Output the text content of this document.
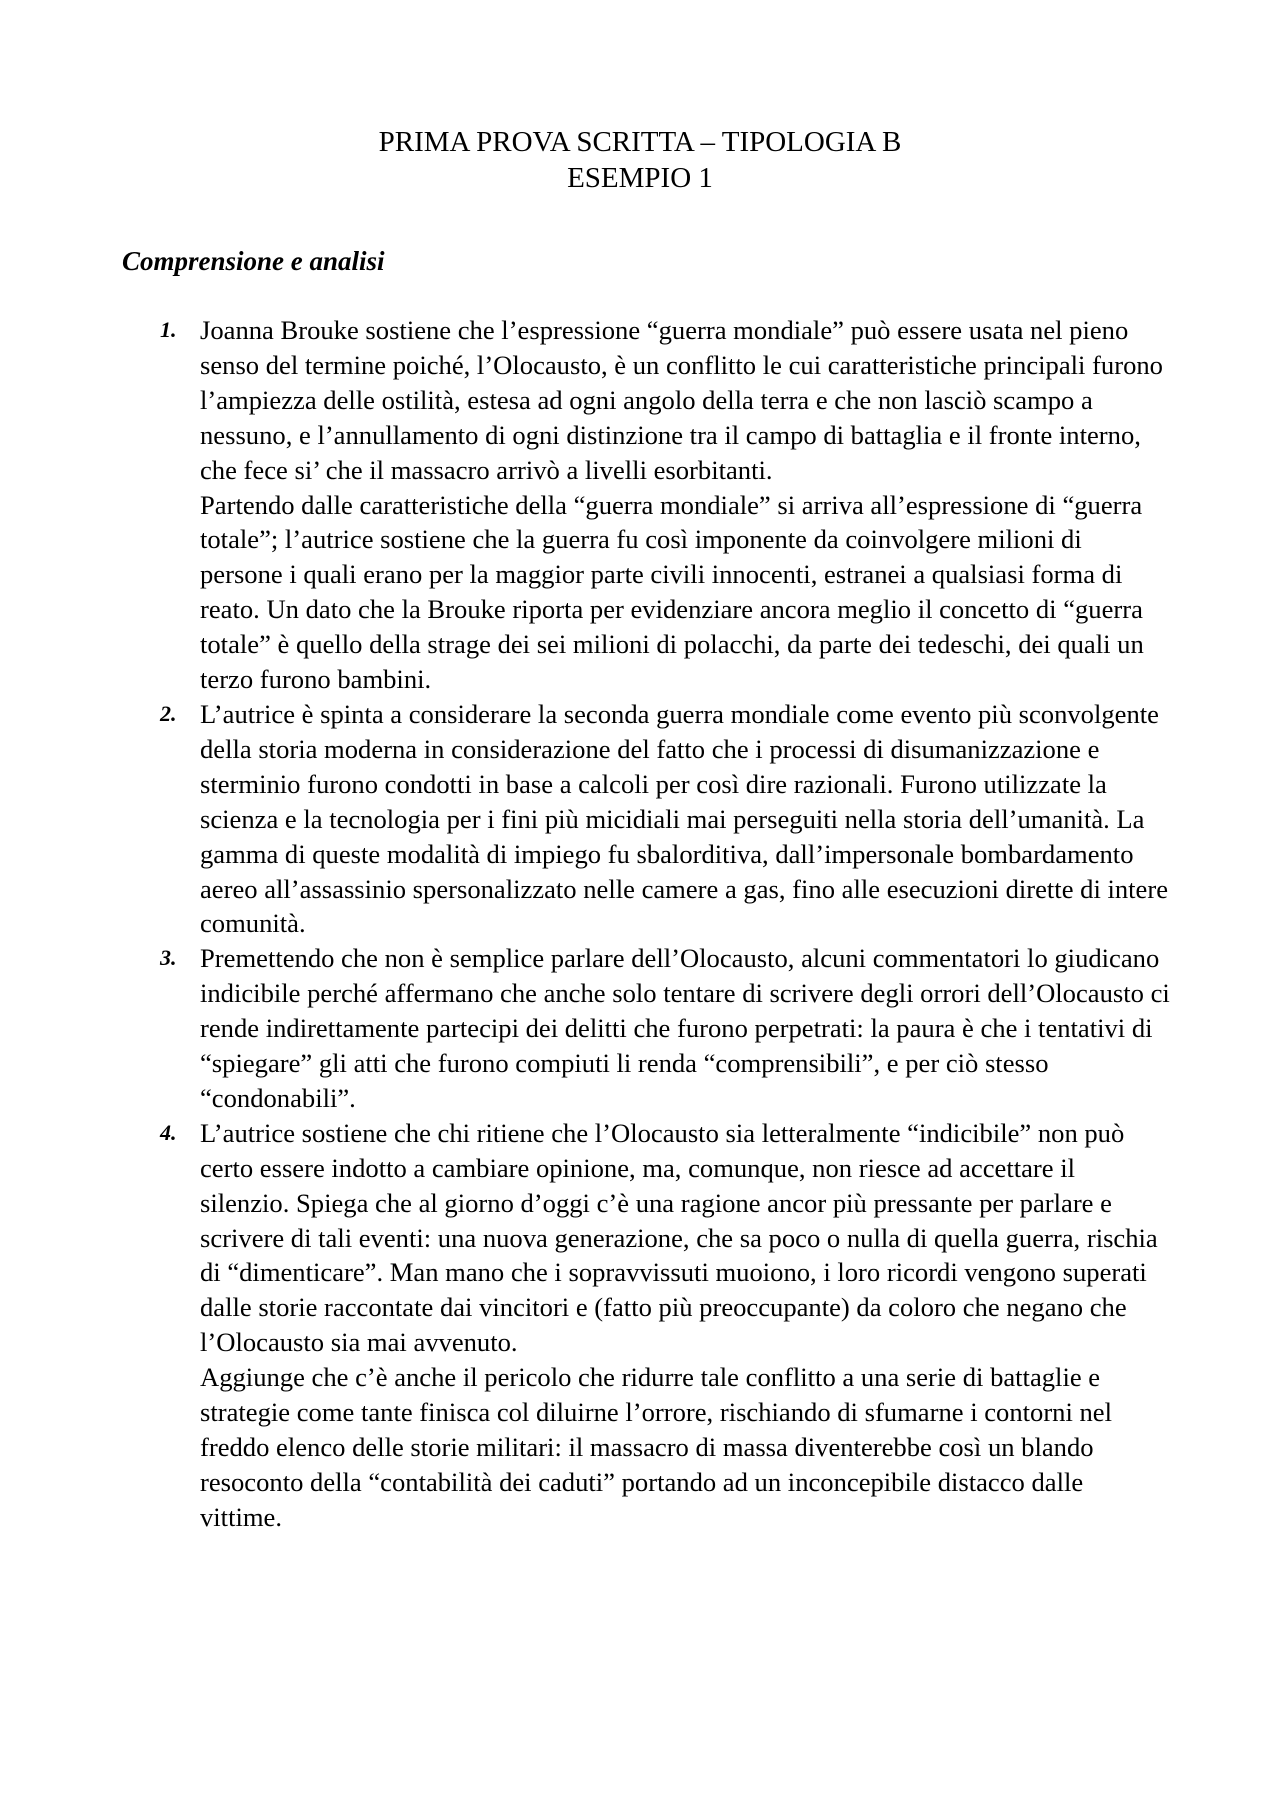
PRIMA PROVA SCRITTA – TIPOLOGIA B
ESEMPIO 1
Comprensione e analisi
1. Joanna Brouke sostiene che l’espressione “guerra mondiale” può essere usata nel pieno senso del termine poiché, l’Olocausto, è un conflitto le cui caratteristiche principali furono l’ampiezza delle ostilità, estesa ad ogni angolo della terra e che non lasciò scampo a nessuno, e l’annullamento di ogni distinzione tra il campo di battaglia e il fronte interno, che fece si’ che il massacro arrivò a livelli esorbitanti.

Partendo dalle caratteristiche della “guerra mondiale” si arriva all’espressione di “guerra totale”; l’autrice sostiene che la guerra fu così imponente da coinvolgere milioni di persone i quali erano per la maggior parte civili innocenti, estranei a qualsiasi forma di reato. Un dato che la Brouke riporta per evidenziare ancora meglio il concetto di “guerra totale” è quello della strage dei sei milioni di polacchi, da parte dei tedeschi, dei quali un terzo furono bambini.

2. L’autrice è spinta a considerare la seconda guerra mondiale come evento più sconvolgente della storia moderna in considerazione del fatto che i processi di disumanizzazione e sterminio furono condotti in base a calcoli per così dire razionali. Furono utilizzate la scienza e la tecnologia per i fini più micidiali mai perseguiti nella storia dell’umanità. La gamma di queste modalità di impiego fu sbalorditiva, dall’impersonale bombardamento aereo all’assassinio spersonalizzato nelle camere a gas, fino alle esecuzioni dirette di intere comunità.

3. Premettendo che non è semplice parlare dell’Olocausto, alcuni commentatori lo giudicano indicibile perché affermano che anche solo tentare di scrivere degli orrori dell’Olocausto ci rende indirettamente partecipi dei delitti che furono perpetrati: la paura è che i tentativi di “spiegare” gli atti che furono compiuti li renda “comprensibili”, e per ciò stesso “condonabili”.

4. L’autrice sostiene che chi ritiene che l’Olocausto sia letteralmente “indicibile” non può certo essere indotto a cambiare opinione, ma, comunque, non riesce ad accettare il silenzio. Spiega che al giorno d’oggi c’è una ragione ancor più pressante per parlare e scrivere di tali eventi: una nuova generazione, che sa poco o nulla di quella guerra, rischia di “dimenticare”. Man mano che i sopravvissuti muoiono, i loro ricordi vengono superati dalle storie raccontate dai vincitori e (fatto più preoccupante) da coloro che negano che l’Olocausto sia mai avvenuto.

Aggiunge che c’è anche il pericolo che ridurre tale conflitto a una serie di battaglie e strategie come tante finisca col diluirne l’orrore, rischiando di sfumarne i contorni nel freddo elenco delle storie militari: il massacro di massa diventerebbe così un blando resoconto della “contabilità dei caduti” portando ad un inconcepibile distacco dalle vittime.
